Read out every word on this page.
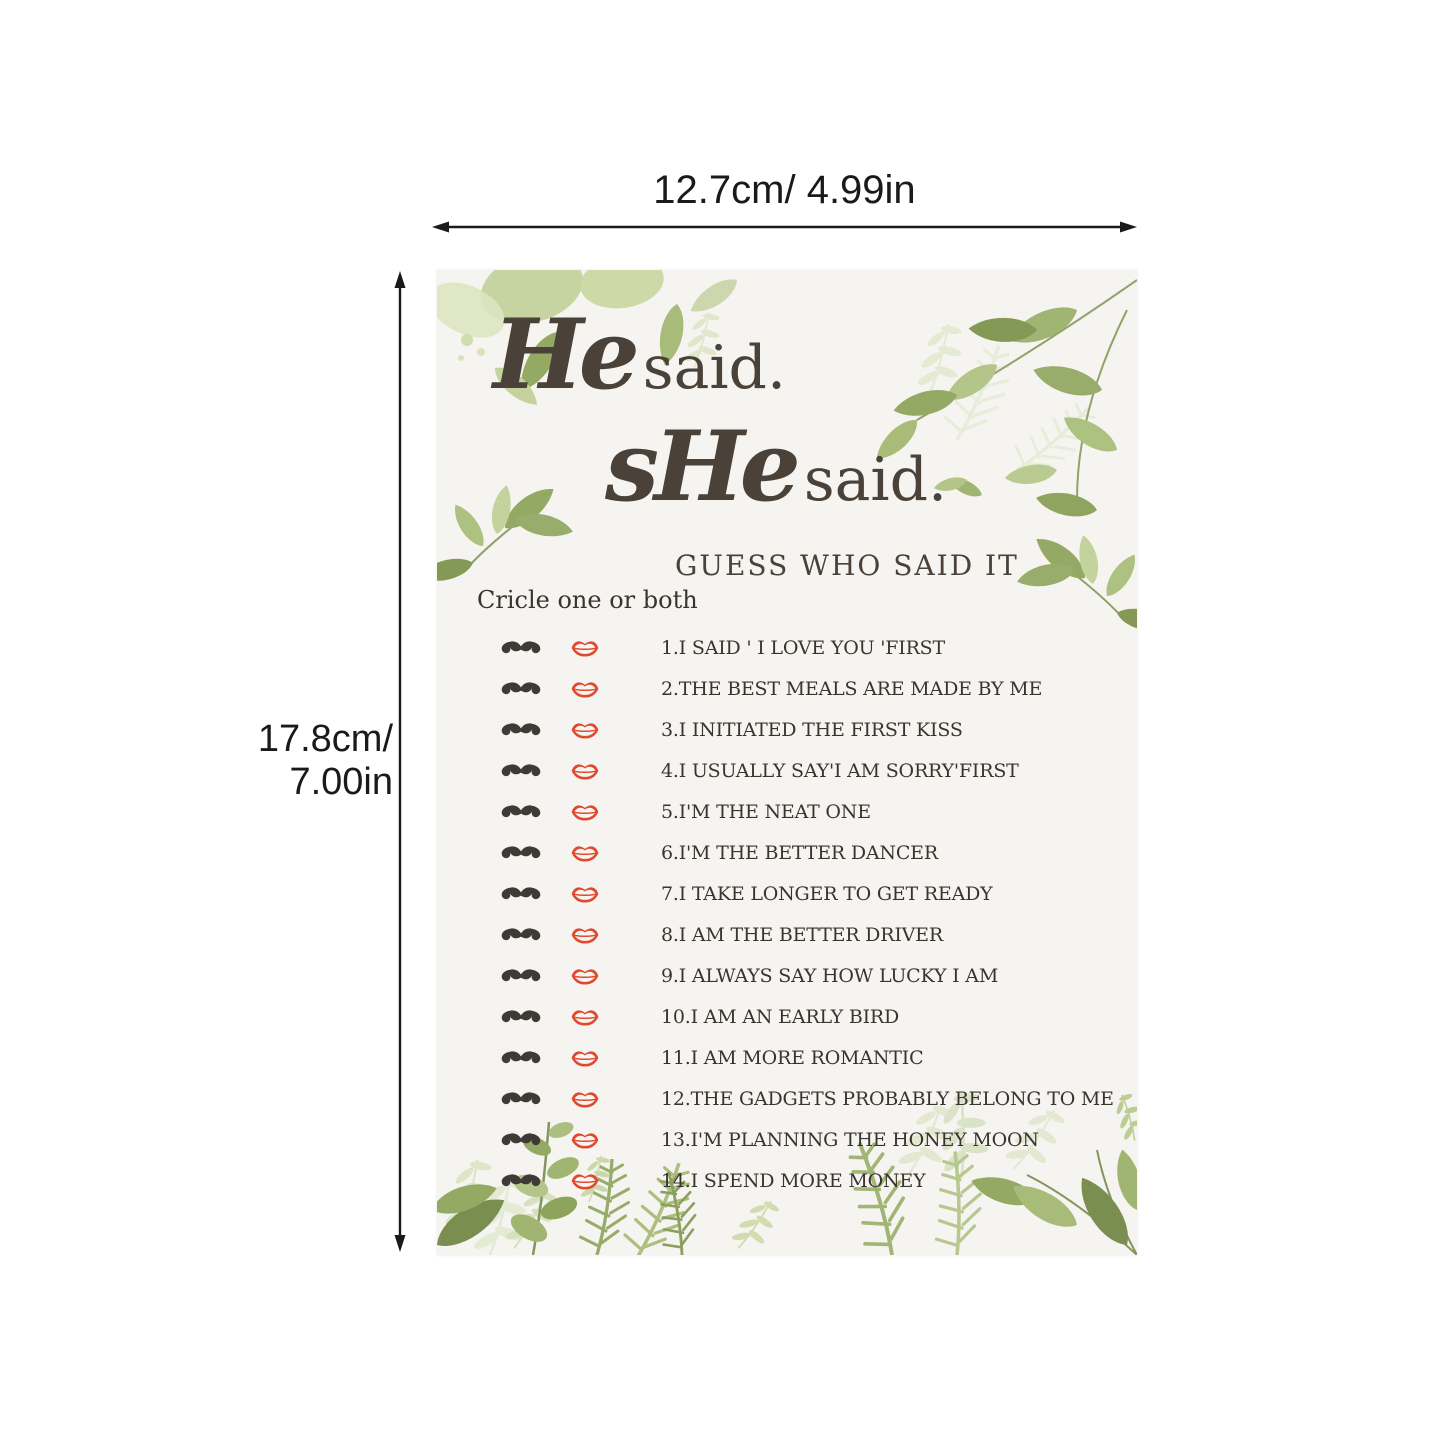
12.7cm/ 4.99in
17.8cm/ 7.00in
He said.
sHe said.
GUESS WHO SAID IT
Cricle one or both
1.I SAID ' I LOVE YOU 'FIRST
2.THE BEST MEALS ARE MADE BY ME
3.I INITIATED THE FIRST KISS
4.I USUALLY SAY'I AM SORRY'FIRST
5.I'M THE NEAT ONE
6.I'M THE BETTER DANCER
7.I TAKE LONGER TO GET READY
8.I AM THE BETTER DRIVER
9.I ALWAYS SAY HOW LUCKY I AM
10.I AM AN EARLY BIRD
11.I AM MORE ROMANTIC
12.THE GADGETS PROBABLY BELONG TO ME
13.I'M PLANNING THE HONEY MOON
14.I SPEND MORE MONEY
